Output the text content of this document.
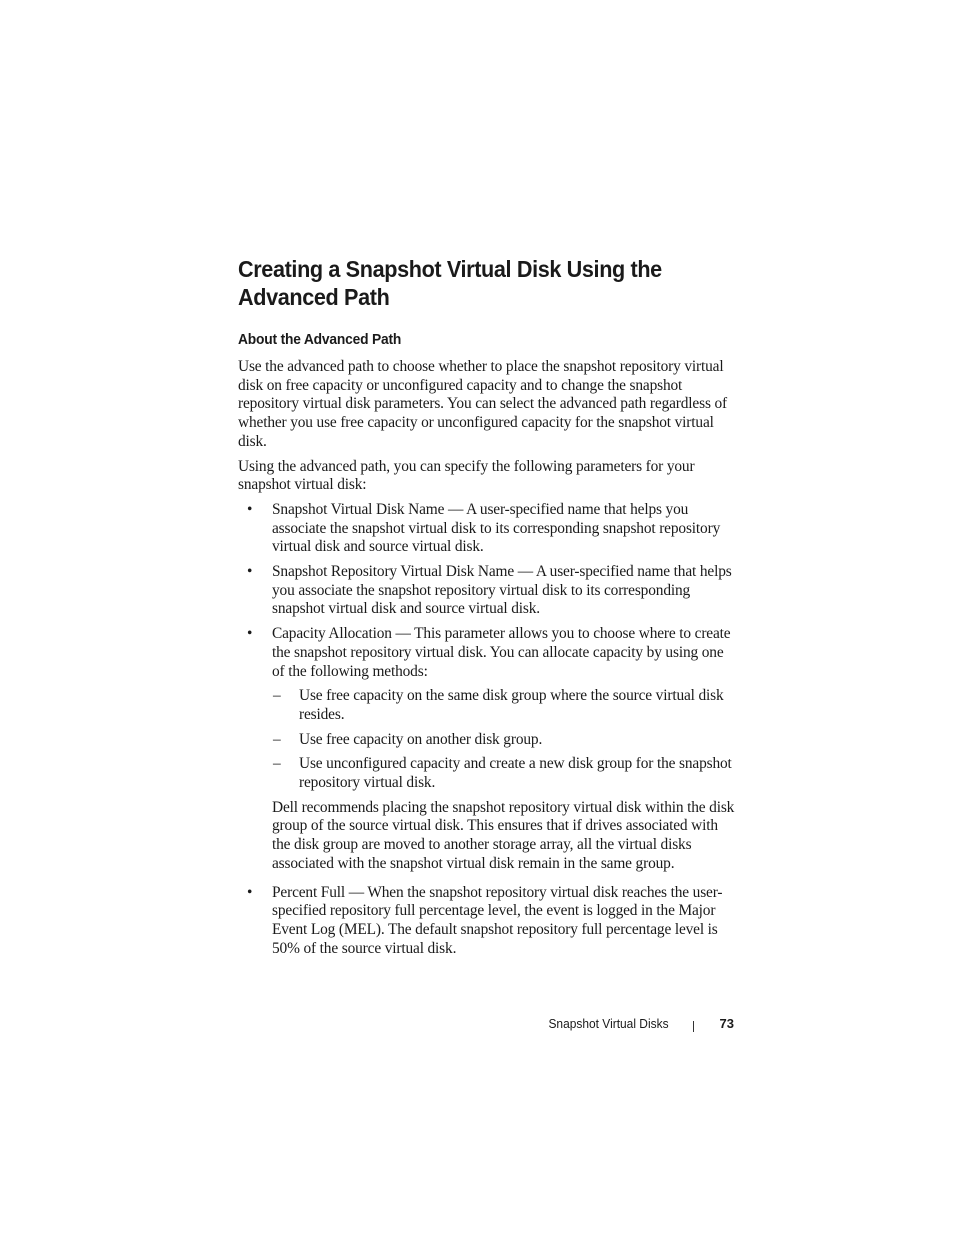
Creating a Snapshot Virtual Disk Using the Advanced Path
About the Advanced Path

Use the advanced path to choose whether to place the snapshot repository virtual disk on free capacity or unconfigured capacity and to change the snapshot repository virtual disk parameters. You can select the advanced path regardless of whether you use free capacity or unconfigured capacity for the snapshot virtual disk.

Using the advanced path, you can specify the following parameters for your snapshot virtual disk:

• Snapshot Virtual Disk Name — A user-specified name that helps you associate the snapshot virtual disk to its corresponding snapshot repository virtual disk and source virtual disk.
• Snapshot Repository Virtual Disk Name — A user-specified name that helps you associate the snapshot repository virtual disk to its corresponding snapshot virtual disk and source virtual disk.
• Capacity Allocation — This parameter allows you to choose where to create the snapshot repository virtual disk. You can allocate capacity by using one of the following methods:
– Use free capacity on the same disk group where the source virtual disk resides.
– Use free capacity on another disk group.
– Use unconfigured capacity and create a new disk group for the snapshot repository virtual disk.
Dell recommends placing the snapshot repository virtual disk within the disk group of the source virtual disk. This ensures that if drives associated with the disk group are moved to another storage array, all the virtual disks associated with the snapshot virtual disk remain in the same group.
• Percent Full — When the snapshot repository virtual disk reaches the user-specified repository full percentage level, the event is logged in the Major Event Log (MEL). The default snapshot repository full percentage level is 50% of the source virtual disk.
Snapshot Virtual Disks	73
